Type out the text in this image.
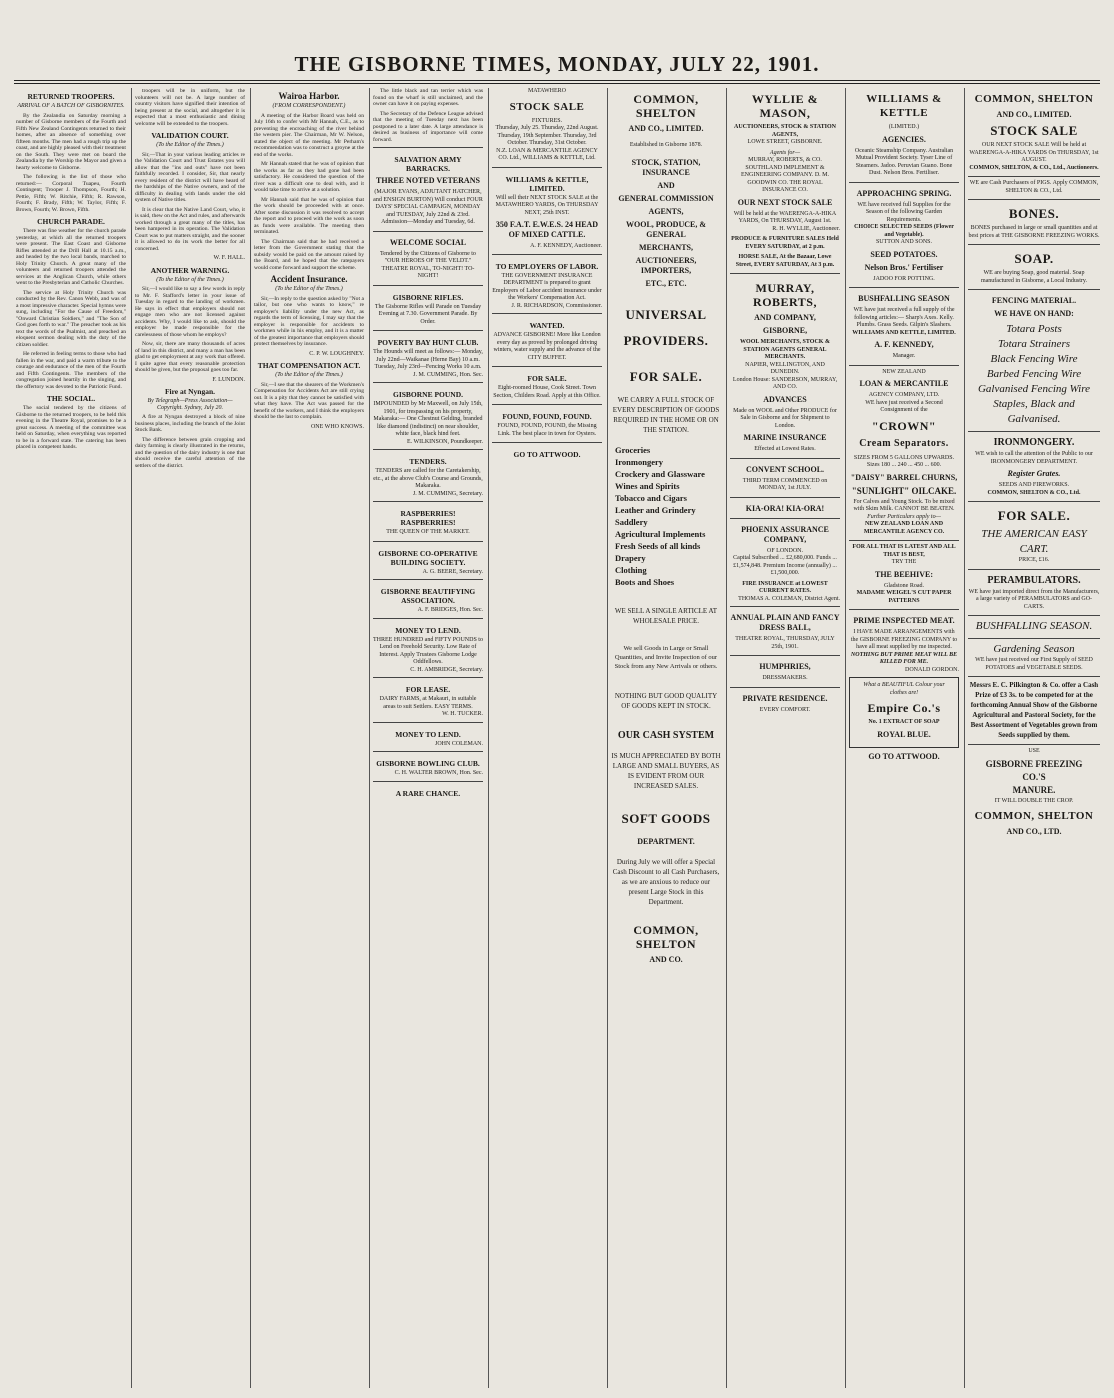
THE GISBORNE TIMES, MONDAY, JULY 22, 1901.
RETURNED TROOPERS.
ARRIVAL OF A BATCH OF GISBORNITES.

By the Zealandia on Saturday morning a number of Gisborne members of the Fourth and Fifth New Zealand Contingents returned to their homes, after an absence of something over fifteen months. The men had a rough trip up the coast, and are highly pleased with their treatment on the South. They were met on board the Zealandia by the Worship the Mayor and given a hearty welcome to Gisborne.

The following is the list of those who returned:— Corporal Tuapeu, Fourth Contingent; Trooper J. Thompson, Fourth; H. Pettie, Fifth; W. Ritchie, Fifth; R. Rawson, Fourth; F. Brady, Fifth; W. Taylor, Fifth; F. Brown, Fourth; W. Brown, Fifth.

CHURCH PARADE.

There was fine weather for the church parade yesterday, at which all the returned troopers were present. The East Coast and Gisborne Rifles attended at the Drill Hall at 10.15 a.m., and headed by the two local bands, marched to Holy Trinity Church. A great many of the volunteers and returned troopers attended the services at the Anglican Church, while others went to the Presbyterian and Catholic Churches.

The service at Holy Trinity Church was conducted by the Rev. Canon Webb, and was of a most impressive character. Special hymns were sung, including "For the Cause of Freedom," "Onward Christian Soldiers," and "The Son of God goes forth to war." The preacher took as his text the words of the Psalmist, and preached an eloquent sermon dealing with the duty of the citizen soldier.

He referred in feeling terms to those who had fallen in the war, and paid a warm tribute to the courage and endurance of the men of the Fourth and Fifth Contingents. The members of the congregation joined heartily in the singing, and the offertory was devoted to the Patriotic Fund.

THE SOCIAL.

The social tendered by the citizens of Gisborne to the returned troopers, to be held this evening in the Theatre Royal, promises to be a great success. A meeting of the committee was held on Saturday, when everything was reported to be in a forward state. The catering has been placed in competent hands.

troopers will be in uniform, but the volunteers will not be. A large number of country visitors have signified their intention of being present at the social, and altogether it is expected that a most enthusiastic and dining welcome will be extended to the troopers.

VALIDATION COURT.
(To the Editor of the Times.)

Sir,—That in your various leading articles re the Validation Court and Trust Estates you will allow that the "ins and outs" have not been faithfully recorded. I consider, Sir, that nearly every resident of the district will have heard of the hardships of the Native owners, and of the difficulty in dealing with lands under the old system of Native titles.

It is clear that the Native Land Court, who, it is said, thew on the Act and rules, and afterwards worked through a great many of the titles, has been hampered in its operation. The Validation Court was to put matters straight, and the sooner it is allowed to do its work the better for all concerned.

W. F. HALL.
ANOTHER WARNING.
(To the Editor of the Times.)

Sir,—I would like to say a few words in reply to Mr. F. Stafford's letter in your issue of Tuesday in regard to the landing of workmen. He says in effect that employers should not engage men who are not licensed against accidents. Why, I would like to ask, should the employer be made responsible for the carelessness of those whom he employs?

Now, sir, there are many thousands of acres of land in this district, and many a man has been glad to get employment at any work that offered. I quite agree that every reasonable protection should be given, but the proposal goes too far.

F. LUNDON.
Fire at Nyngan.
By Telegraph—Press Association—Copyright. Sydney, July 20.

A fire at Nyngan destroyed a block of nine business places, including the branch of the Joint Stock Bank.

The difference between grain cropping and dairy farming is clearly illustrated in the returns, and the question of the dairy industry is one that should receive the careful attention of the settlers of the district.

Wairoa Harbor.
(FROM CORRESPONDENT.)

A meeting of the Harbor Board was held on July 16th to confer with Mr Hannah, C.E., as to preventing the encroaching of the river behind the western pier. The Chairman, Mr W. Nelson, stated the object of the meeting. Mr Perham's recommendation was to construct a groyne at the end of the works.

Mr Hannah stated that he was of opinion that the works as far as they had gone had been satisfactory. He considered the question of the river was a difficult one to deal with, and it would take time to arrive at a solution.

Mr Hannah said that he was of opinion that the work should be proceeded with at once. After some discussion it was resolved to accept the report and to proceed with the work as soon as funds were available. The meeting then terminated.

The Chairman said that he had received a letter from the Government stating that the subsidy would be paid on the amount raised by the Board, and he hoped that the ratepayers would come forward and support the scheme.

Accident Insurance.
(To the Editor of the Times.)

Sir,—In reply to the question asked by "Not a tailor, but one who wants to know," re employer's liability under the new Act, as regards the term of licensing, I may say that the employer is responsible for accidents to workmen while in his employ, and it is a matter of the greatest importance that employers should protect themselves by insurance.

C. P. W. LOUGHNEY.
THAT COMPENSATION ACT.
(To the Editor of the Times.)

Sir,—I see that the shearers of the Workmen's Compensation for Accidents Act are still crying out. It is a pity that they cannot be satisfied with what they have. The Act was passed for the benefit of the workers, and I think the employers should be the last to complain.

ONE WHO KNOWS.

The little black and tan terrier which was found on the wharf is still unclaimed, and the owner can have it on paying expenses.

The Secretary of the Defence League advised that the meeting of Tuesday next has been postponed to a later date. A large attendance is desired as business of importance will come forward.

SALVATION ARMY BARRACKS.
THREE NOTED VETERANS
(MAJOR EVANS, ADJUTANT HATCHER, and ENSIGN BURTON) Will conduct FOUR DAYS' SPECIAL CAMPAIGN, MONDAY and TUESDAY, July 22nd & 23rd.
Admission—Monday and Tuesday, 6d.
WELCOME SOCIAL
Tendered by the Citizens of Gisborne to "OUR HEROES OF THE VELDT." THEATRE ROYAL, TO-NIGHT! TO-NIGHT!
GISBORNE RIFLES.
The Gisborne Rifles will Parade on Tuesday Evening at 7.30. Government Parade. By Order.
POVERTY BAY HUNT CLUB.
The Hounds will meet as follows:— Monday, July 22nd—Waikanae (Herne Bay) 10 a.m. Tuesday, July 23rd—Fencing Works 10 a.m.
J. M. CUMMING, Hon. Sec.
GISBORNE POUND.
IMPOUNDED by Mr Maxwell, on July 15th, 1901, for trespassing on his property, Makaraka:— One Chestnut Gelding, branded like diamond (indistinct) on near shoulder, white face, black hind feet.
E. WILKINSON, Poundkeeper.
TENDERS.
TENDERS are called for the Caretakership, etc., at the above Club's Course and Grounds, Makaraka.
J. M. CUMMING, Secretary.
RASPBERRIES! RASPBERRIES!
THE QUEEN OF THE MARKET.
GISBORNE CO-OPERATIVE BUILDING SOCIETY.
A. G. BEERE, Secretary.
GISBORNE BEAUTIFYING ASSOCIATION.
A. F. BRIDGES, Hon. Sec.
MONEY TO LEND.
THREE HUNDRED and FIFTY POUNDS to Lend on Freehold Security. Low Rate of Interest. Apply Trustees Gisborne Lodge Oddfellows.
C. H. AMBRIDGE, Secretary.
FOR LEASE.
DAIRY FARMS, at Makauri, in suitable areas to suit Settlers. EASY TERMS.
W. H. TUCKER.
MONEY TO LEND.
JOHN COLEMAN.
GISBORNE BOWLING CLUB.
C. H. WALTER BROWN, Hon. Sec.
A RARE CHANCE.
MATAWHERO
STOCK SALE
FIXTURES.
Thursday, July 25. Thursday, 22nd August. Thursday, 19th September. Thursday, 3rd October. Thursday, 31st October.
N.Z. LOAN & MERCANTILE AGENCY CO. Ltd., WILLIAMS & KETTLE, Ltd.
WILLIAMS & KETTLE, LIMITED.
Will sell their NEXT STOCK SALE at the MATAWHERO YARDS, On THURSDAY NEXT, 25th INST.
350 F.A.T. E.W.E.S. 24 HEAD OF MIXED CATTLE.
A. F. KENNEDY, Auctioneer.
TO EMPLOYERS OF LABOR.
THE GOVERNMENT INSURANCE DEPARTMENT is prepared to grant Employers of Labor accident insurance under the Workers' Compensation Act.
J. R. RICHARDSON, Commissioner.
WANTED.
ADVANCE GISBORNE! More like London every day as proved by prolonged driving winters, water supply and the advance of the CITY BUFFET.
FOR SALE.
Eight-roomed House, Cook Street. Town Section, Childers Road. Apply at this Office.
FOUND, FOUND, FOUND.
FOUND, FOUND, FOUND, the Missing Link. The best place in town for Oysters.
GO TO ATTWOOD.
COMMON, SHELTON
AND CO., LIMITED.
Established in Gisborne 1878.
STOCK, STATION, INSURANCE
AND
GENERAL COMMISSION
AGENTS,
WOOL, PRODUCE, & GENERAL
MERCHANTS,
AUCTIONEERS, IMPORTERS,
ETC., ETC.
UNIVERSAL
PROVIDERS.
FOR SALE.
WE CARRY A FULL STOCK OF EVERY DESCRIPTION OF GOODS REQUIRED IN THE HOME OR ON THE STATION.
Groceries
Ironmongery
Crockery and Glassware
Wines and Spirits
Tobacco and Cigars
Leather and Grindery
Saddlery
Agricultural Implements
Fresh Seeds of all kinds
Drapery
Clothing
Boots and Shoes
WE SELL A SINGLE ARTICLE AT WHOLESALE PRICE.
We sell Goods in Large or Small Quantities, and Invite Inspection of our Stock from any New Arrivals or others.
NOTHING BUT GOOD QUALITY OF GOODS KEPT IN STOCK.
OUR CASH SYSTEM
IS MUCH APPRECIATED BY BOTH LARGE AND SMALL BUYERS, AS IS EVIDENT FROM OUR INCREASED SALES.
SOFT GOODS
DEPARTMENT.
During July we will offer a Special Cash Discount to all Cash Purchasers, as we are anxious to reduce our present Large Stock in this Department.
COMMON, SHELTON
AND CO.
WYLLIE & MASON,
AUCTIONEERS, STOCK & STATION AGENTS,
LOWE STREET, GISBORNE.
Agents for—
MURRAY, ROBERTS, & CO. SOUTHLAND IMPLEMENT & ENGINEERING COMPANY. D. M. GOODWIN CO. THE ROYAL INSURANCE CO.
OUR NEXT STOCK SALE
Will be held at the WAERENGA-A-HIKA YARDS, On THURSDAY, August 1st.
R. H. WYLLIE, Auctioneer.
PRODUCE & FURNITURE SALES Held EVERY SATURDAY, at 2 p.m.
HORSE SALE, At the Bazaar, Lowe Street, EVERY SATURDAY, At 3 p.m.
MURRAY, ROBERTS,
AND COMPANY,
GISBORNE,
WOOL MERCHANTS, STOCK & STATION AGENTS GENERAL MERCHANTS.
NAPIER, WELLINGTON, AND DUNEDIN.
London House: SANDERSON, MURRAY, AND CO.
ADVANCES
Made on WOOL and Other PRODUCE for Sale in Gisborne and for Shipment to London.
MARINE INSURANCE
Effected at Lowest Rates.
CONVENT SCHOOL.
THIRD TERM COMMENCED on MONDAY, 1st JULY.
KIA-ORA! KIA-ORA!
PHOENIX ASSURANCE COMPANY,
OF LONDON.
Capital Subscribed ... £2,680,000. Funds ... £1,574,848. Premium Income (annually) ... £1,500,000.
FIRE INSURANCE at LOWEST CURRENT RATES.
THOMAS A. COLEMAN, District Agent.
ANNUAL PLAIN AND FANCY DRESS BALL,
THEATRE ROYAL, THURSDAY, JULY 25th, 1901.
HUMPHRIES,
DRESSMAKERS.
PRIVATE RESIDENCE.
EVERY COMFORT.
WILLIAMS & KETTLE
(LIMITED.)
AGENCIES.
Oceanic Steamship Company. Australian Mutual Provident Society. Tyser Line of Steamers. Jadoo. Peruvian Guano. Bone Dust. Nelson Bros. Fertiliser.
APPROACHING SPRING.
WE have received full Supplies for the Season of the following Garden Requirements.
CHOICE SELECTED SEEDS (Flower and Vegetable).
SUTTON AND SONS.
SEED POTATOES.
Nelson Bros.' Fertiliser
JADOO FOR POTTING.
BUSHFALLING SEASON
WE have just received a full supply of the following articles:— Sharp's Axes. Kelly. Plumbs. Grass Seeds. Gilpin's Slashers.
WILLIAMS AND KETTLE, LIMITED.
A. F. KENNEDY,
Manager.
NEW ZEALAND
LOAN & MERCANTILE
AGENCY COMPANY, LTD.
WE have just received a Second Consignment of the
"CROWN"
Cream Separators.
SIZES FROM 5 GALLONS UPWARDS. Sizes 180 ... 240 ... 450 ... 600.
"DAISY" BARREL CHURNS,
"SUNLIGHT" OILCAKE.
For Calves and Young Stock. To be mixed with Skim Milk. CANNOT BE BEATEN.
Further Particulars apply to—
NEW ZEALAND LOAN AND MERCANTILE AGENCY CO.
FOR ALL THAT IS LATEST AND ALL THAT IS BEST,
TRY THE
THE BEEHIVE:
Gladstone Road.
MADAME WEIGEL'S CUT PAPER PATTERNS
PRIME INSPECTED MEAT.
I HAVE MADE ARRANGEMENTS with the GISBORNE FREEZING COMPANY to have all meat supplied by me inspected.
NOTHING BUT PRIME MEAT WILL BE KILLED FOR ME.
DONALD GORDON.
What a BEAUTIFUL Colour your clothes are!
Empire Co.'s
No. 1 EXTRACT OF SOAP
ROYAL BLUE.
GO TO ATTWOOD.
COMMON, SHELTON
AND CO., LIMITED.
STOCK SALE
OUR NEXT STOCK SALE Will be held at WAERENGA-A-HIKA YARDS On THURSDAY, 1st AUGUST.
COMMON, SHELTON, & CO., Ltd., Auctioneers.
WE are Cash Purchasers of PIGS. Apply COMMON, SHELTON & CO., Ltd.
BONES.
BONES purchased in large or small quantities and at best prices at THE GISBORNE FREEZING WORKS.
SOAP.
WE are buying Soap, good material. Soap manufactured in Gisborne, a Local Industry.
FENCING MATERIAL.
WE HAVE ON HAND:
Totara Posts
Totara Strainers
Black Fencing Wire
Barbed Fencing Wire
Galvanised Fencing Wire
Staples, Black and Galvanised.
IRONMONGERY.
WE wish to call the attention of the Public to our IRONMONGERY DEPARTMENT.
Register Grates.
SEEDS AND FIREWORKS.
COMMON, SHELTON & CO., Ltd.
FOR SALE.
THE AMERICAN EASY CART.
PRICE, £16.
PERAMBULATORS.
WE have just imported direct from the Manufacturers, a large variety of PERAMBULATORS and GO-CARTS.
BUSHFALLING SEASON.
Gardening Season
WE have just received our First Supply of SEED POTATOES and VEGETABLE SEEDS.
Messrs E. C. Pilkington & Co. offer a Cash Prize of £3 3s. to be competed for at the forthcoming Annual Show of the Gisborne Agricultural and Pastoral Society, for the Best Assortment of Vegetables grown from Seeds supplied by them.
USE
GISBORNE FREEZING
CO.'S
MANURE.
IT WILL DOUBLE THE CROP.
COMMON, SHELTON
AND CO., LTD.
